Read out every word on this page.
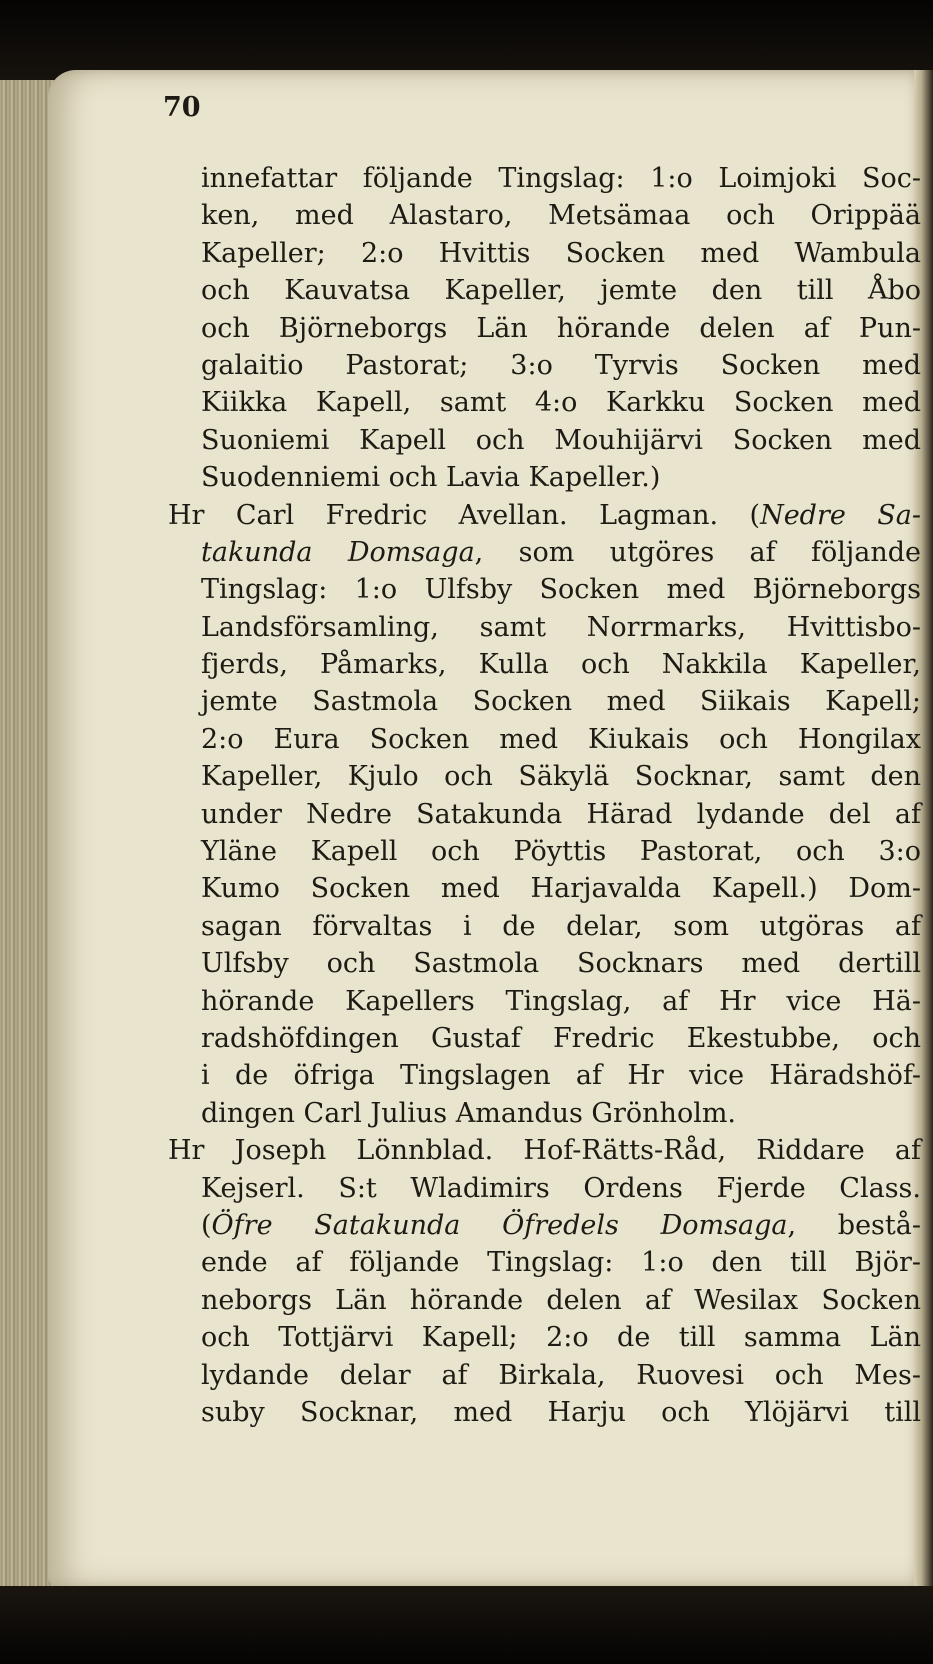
70

innefattar följande Tingslag: 1:o Loimjoki Soc-
ken, med Alastaro, Metsämaa och Orippää
Kapeller; 2:o Hvittis Socken med Wambula
och Kauvatsa Kapeller, jemte den till Åbo
och Björneborgs Län hörande delen af Pun-
galaitio Pastorat; 3:o Tyrvis Socken med
Kiikka Kapell, samt 4:o Karkku Socken med
Suoniemi Kapell och Mouhijärvi Socken med
Suodenniemi och Lavia Kapeller.)

Hr Carl Fredric Avellan. Lagman. (Nedre Sa-
takunda Domsaga, som utgöres af följande
Tingslag: 1:o Ulfsby Socken med Björneborgs
Landsförsamling, samt Norrmarks, Hvittisbo-
fjerds, Påmarks, Kulla och Nakkila Kapeller,
jemte Sastmola Socken med Siikais Kapell;
2:o Eura Socken med Kiukais och Hongilax
Kapeller, Kjulo och Säkylä Socknar, samt den
under Nedre Satakunda Härad lydande del af
Yläne Kapell och Pöyttis Pastorat, och 3:o
Kumo Socken med Harjavalda Kapell.) Dom-
sagan förvaltas i de delar, som utgöras af
Ulfsby och Sastmola Socknars med dertill
hörande Kapellers Tingslag, af Hr vice Hä-
radshöfdingen Gustaf Fredric Ekestubbe, och
i de öfriga Tingslagen af Hr vice Häradshöf-
dingen Carl Julius Amandus Grönholm.

Hr Joseph Lönnblad. Hof-Rätts-Råd, Riddare af
Kejserl. S:t Wladimirs Ordens Fjerde Class.
(Öfre Satakunda Öfredels Domsaga, bestå-
ende af följande Tingslag: 1:o den till Björ-
neborgs Län hörande delen af Wesilax Socken
och Tottjärvi Kapell; 2:o de till samma Län
lydande delar af Birkala, Ruovesi och Mes-
suby Socknar, med Harju och Ylöjärvi till
